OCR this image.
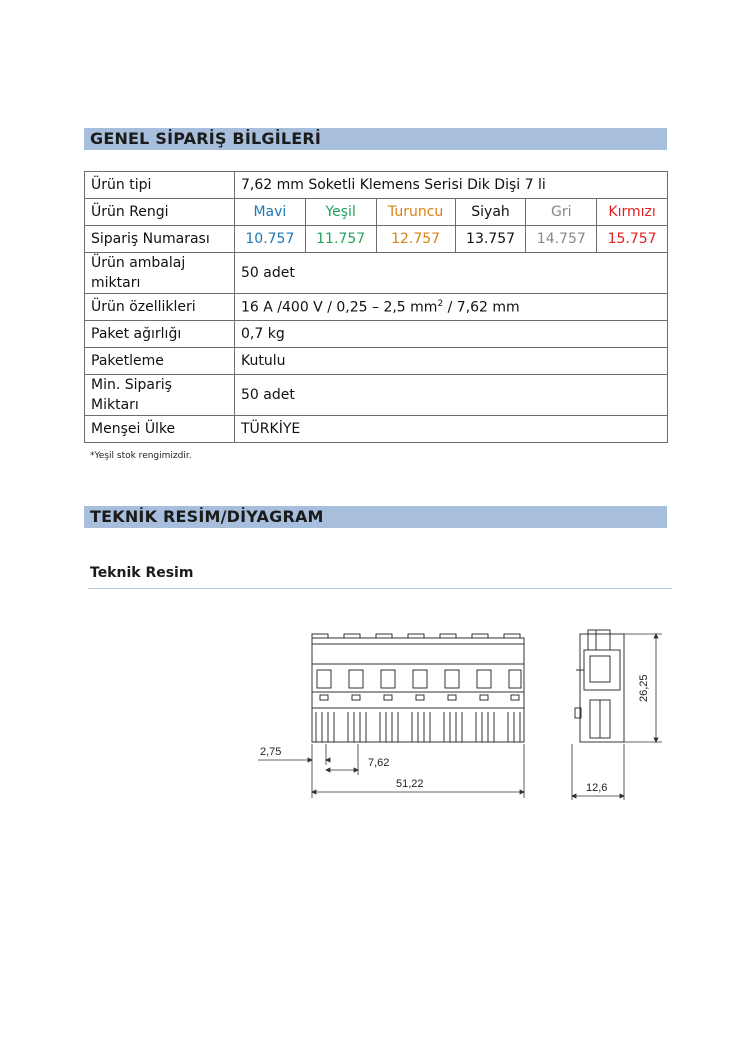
GENEL SİPARİŞ BİLGİLERİ
Ürün tipi	7,62 mm Soketli Klemens Serisi Dik Dişi 7 li					
Ürün Rengi	Mavi	Yeşil	Turuncu	Siyah	Gri	Kırmızı
Sipariş Numarası	10.757	11.757	12.757	13.757	14.757	15.757
Ürün ambalaj
miktarı	50 adet					
Ürün özellikleri	16 A /400 V / 0,25 – 2,5 $mm^2 / 7,62$ mm					
Paket ağırlığı	0,7 kg					
Paketleme	Kutulu					
Min. Sipariş
Miktarı	50 adet					
Menşei Ülke	TÜRKİYE					
*Yeşil stok rengimizdir.
TEKNİK RESİM/DİYAGRAM
Teknik Resim
2,75
7,62
51,22
26,25
12,6
